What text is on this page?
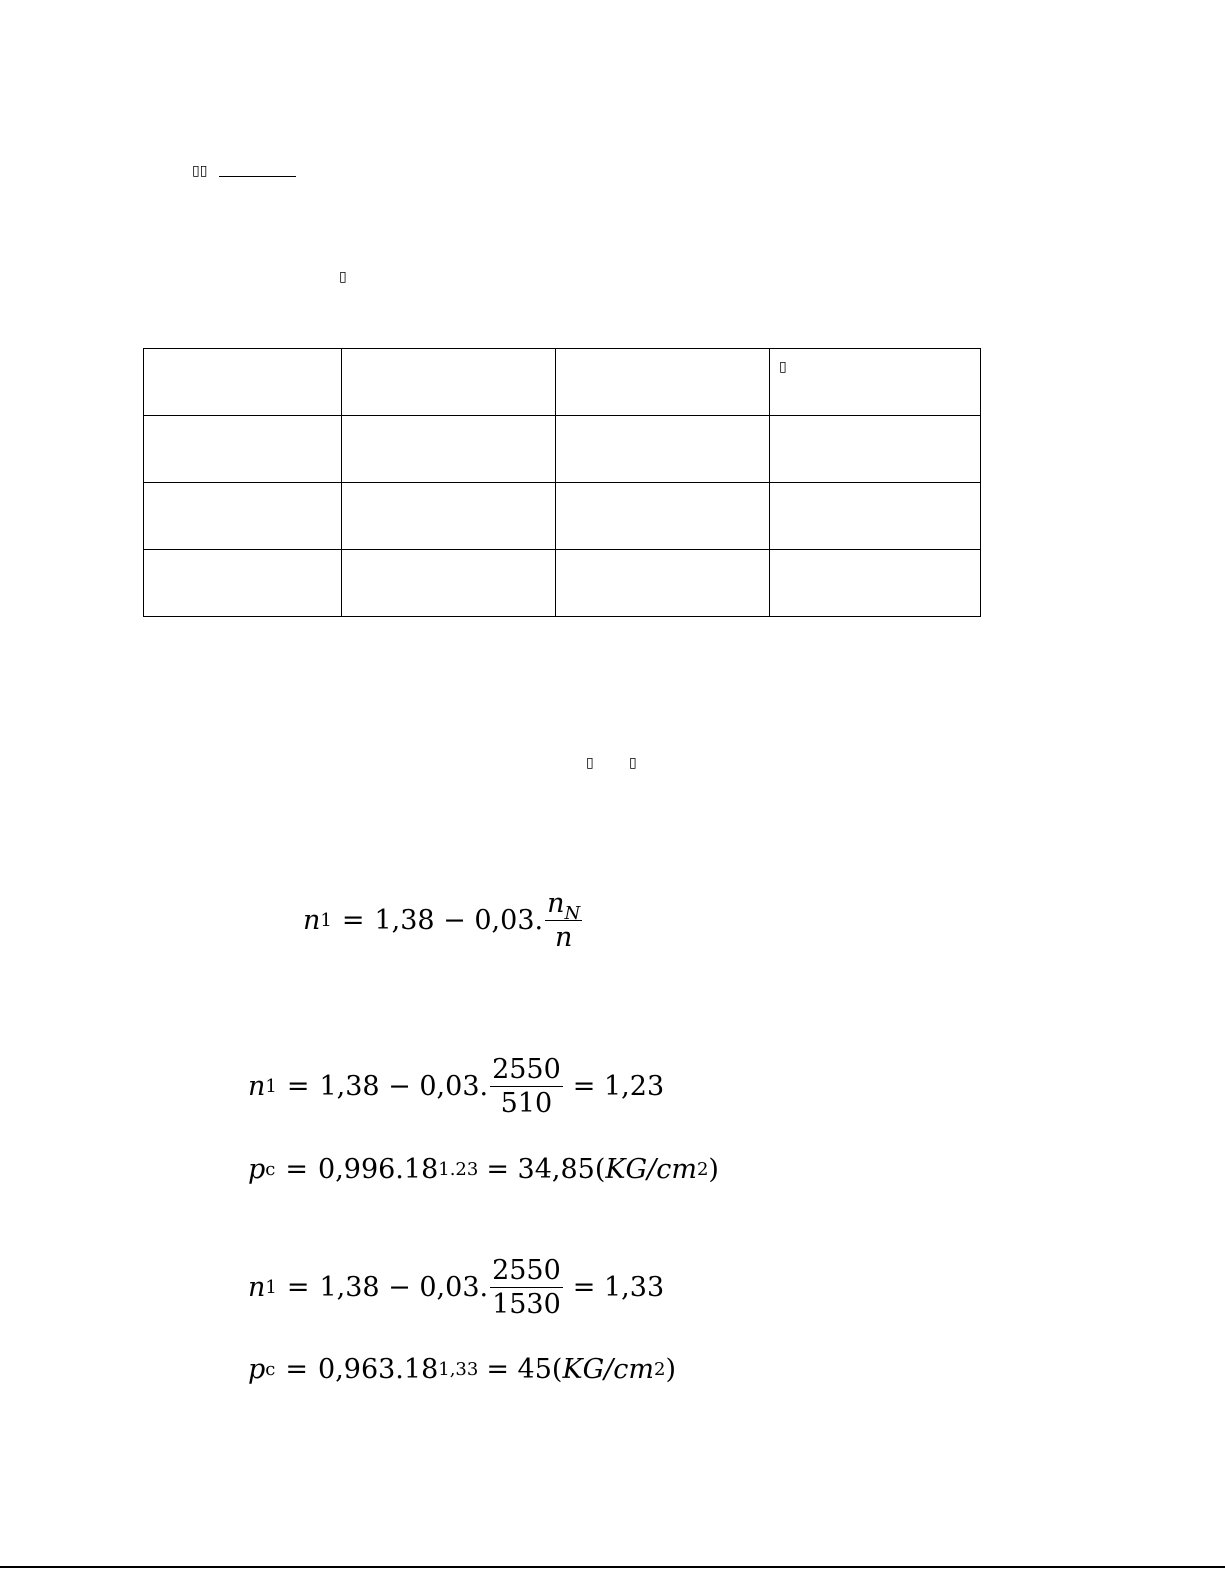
▯▯
▯

			▯

▯	▯
n 1 = 1,38 − 0,03. $\frac{n_N}{n}$
n 1 = 1,38 − 0,03. $\frac{2550}{510} = 1,23$
p c = 0,996.18 1.23 = 34,85( KG/cm 2 )
n 1 = 1,38 − 0,03. $\frac{2550}{1530} = 1,33$
p c = 0,963.18 1,33 = 45( KG/cm 2 )
